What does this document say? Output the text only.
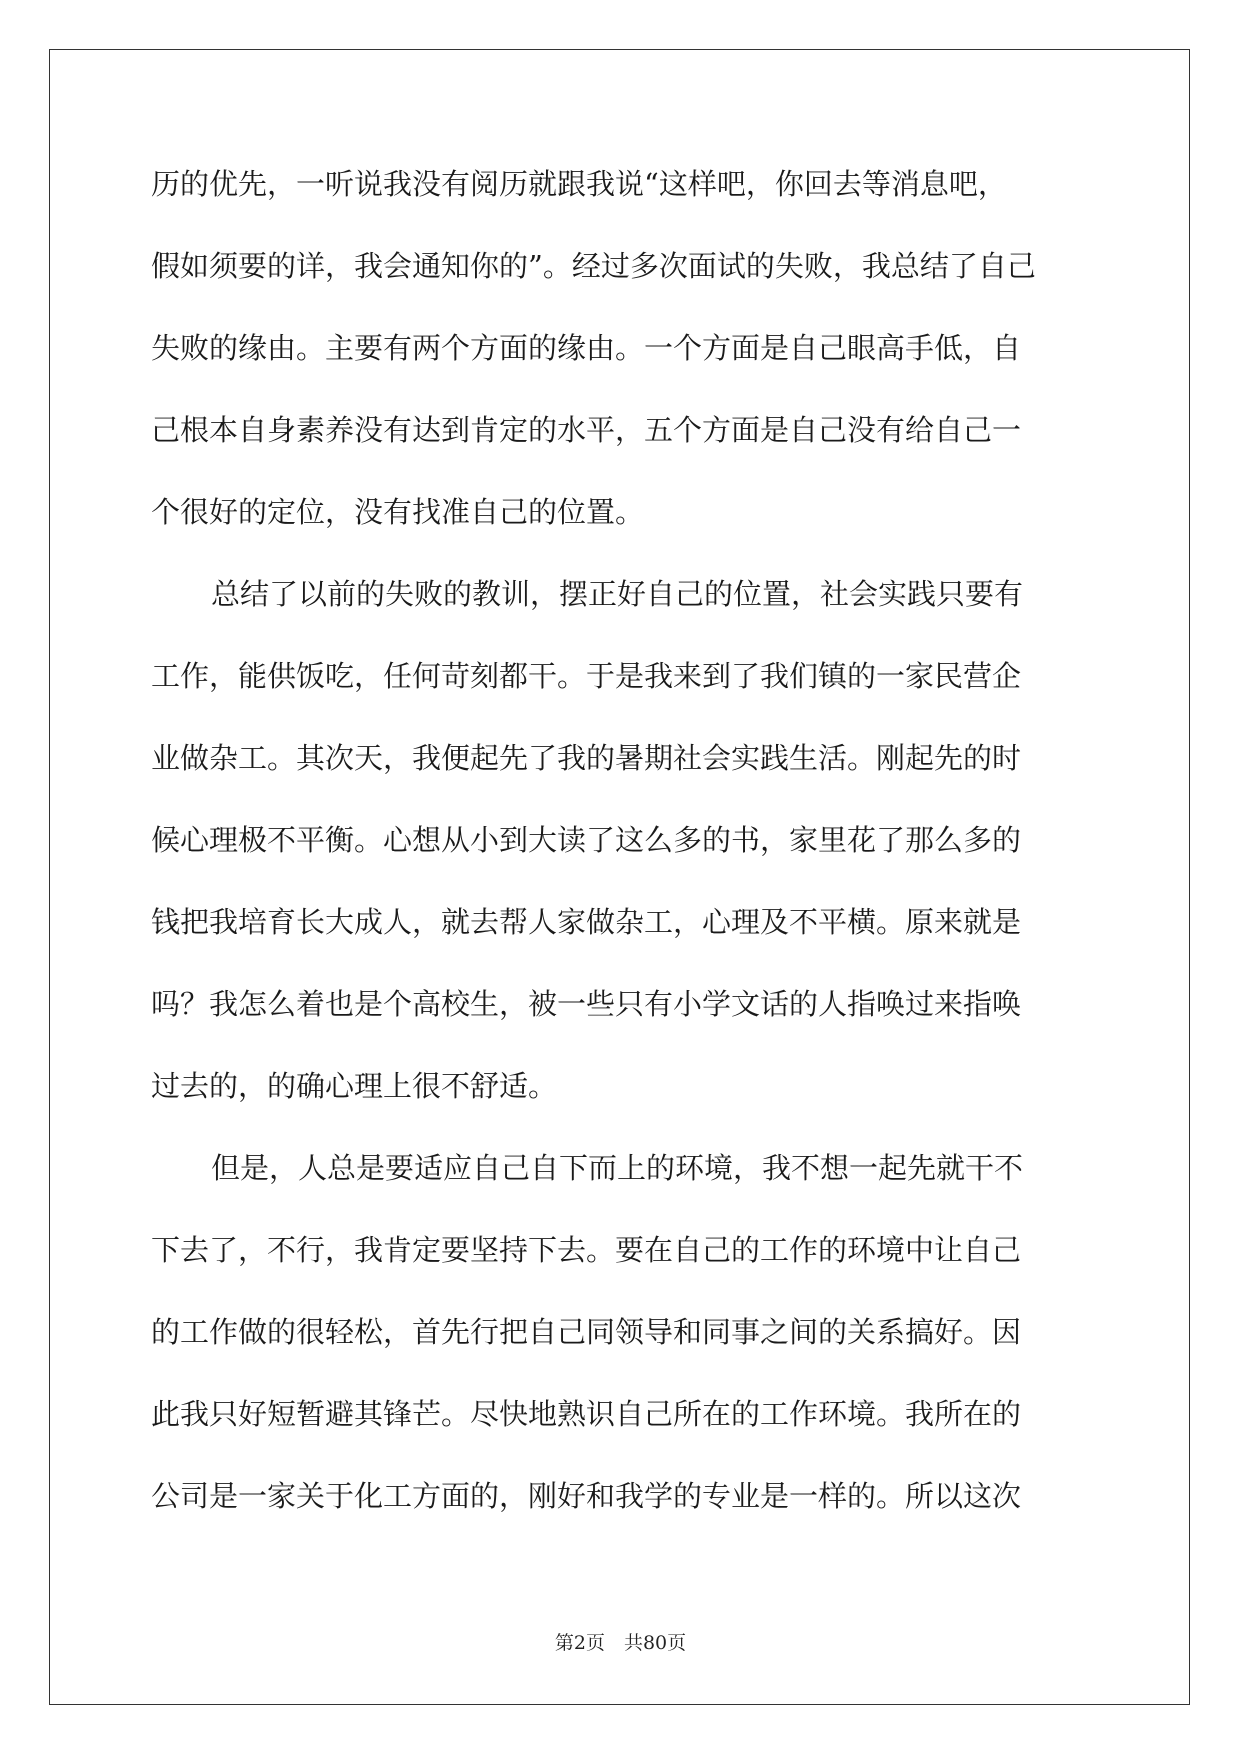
历的优先，一听说我没有阅历就跟我说“这样吧，你回去等消息吧，
假如须要的详，我会通知你的”。经过多次面试的失败，我总结了自己
失败的缘由。主要有两个方面的缘由。一个方面是自己眼高手低，自
己根本自身素养没有达到肯定的水平，五个方面是自己没有给自己一
个很好的定位，没有找准自己的位置。
总结了以前的失败的教训，摆正好自己的位置，社会实践只要有
工作，能供饭吃，任何苛刻都干。于是我来到了我们镇的一家民营企
业做杂工。其次天，我便起先了我的暑期社会实践生活。刚起先的时
候心理极不平衡。心想从小到大读了这么多的书，家里花了那么多的
钱把我培育长大成人，就去帮人家做杂工，心理及不平横。原来就是
吗？我怎么着也是个高校生，被一些只有小学文话的人指唤过来指唤
过去的，的确心理上很不舒适。
但是，人总是要适应自己自下而上的环境，我不想一起先就干不
下去了，不行，我肯定要坚持下去。要在自己的工作的环境中让自己
的工作做的很轻松，首先行把自己同领导和同事之间的关系搞好。因
此我只好短暂避其锋芒。尽快地熟识自己所在的工作环境。我所在的
公司是一家关于化工方面的，刚好和我学的专业是一样的。所以这次
第2页　共80页
